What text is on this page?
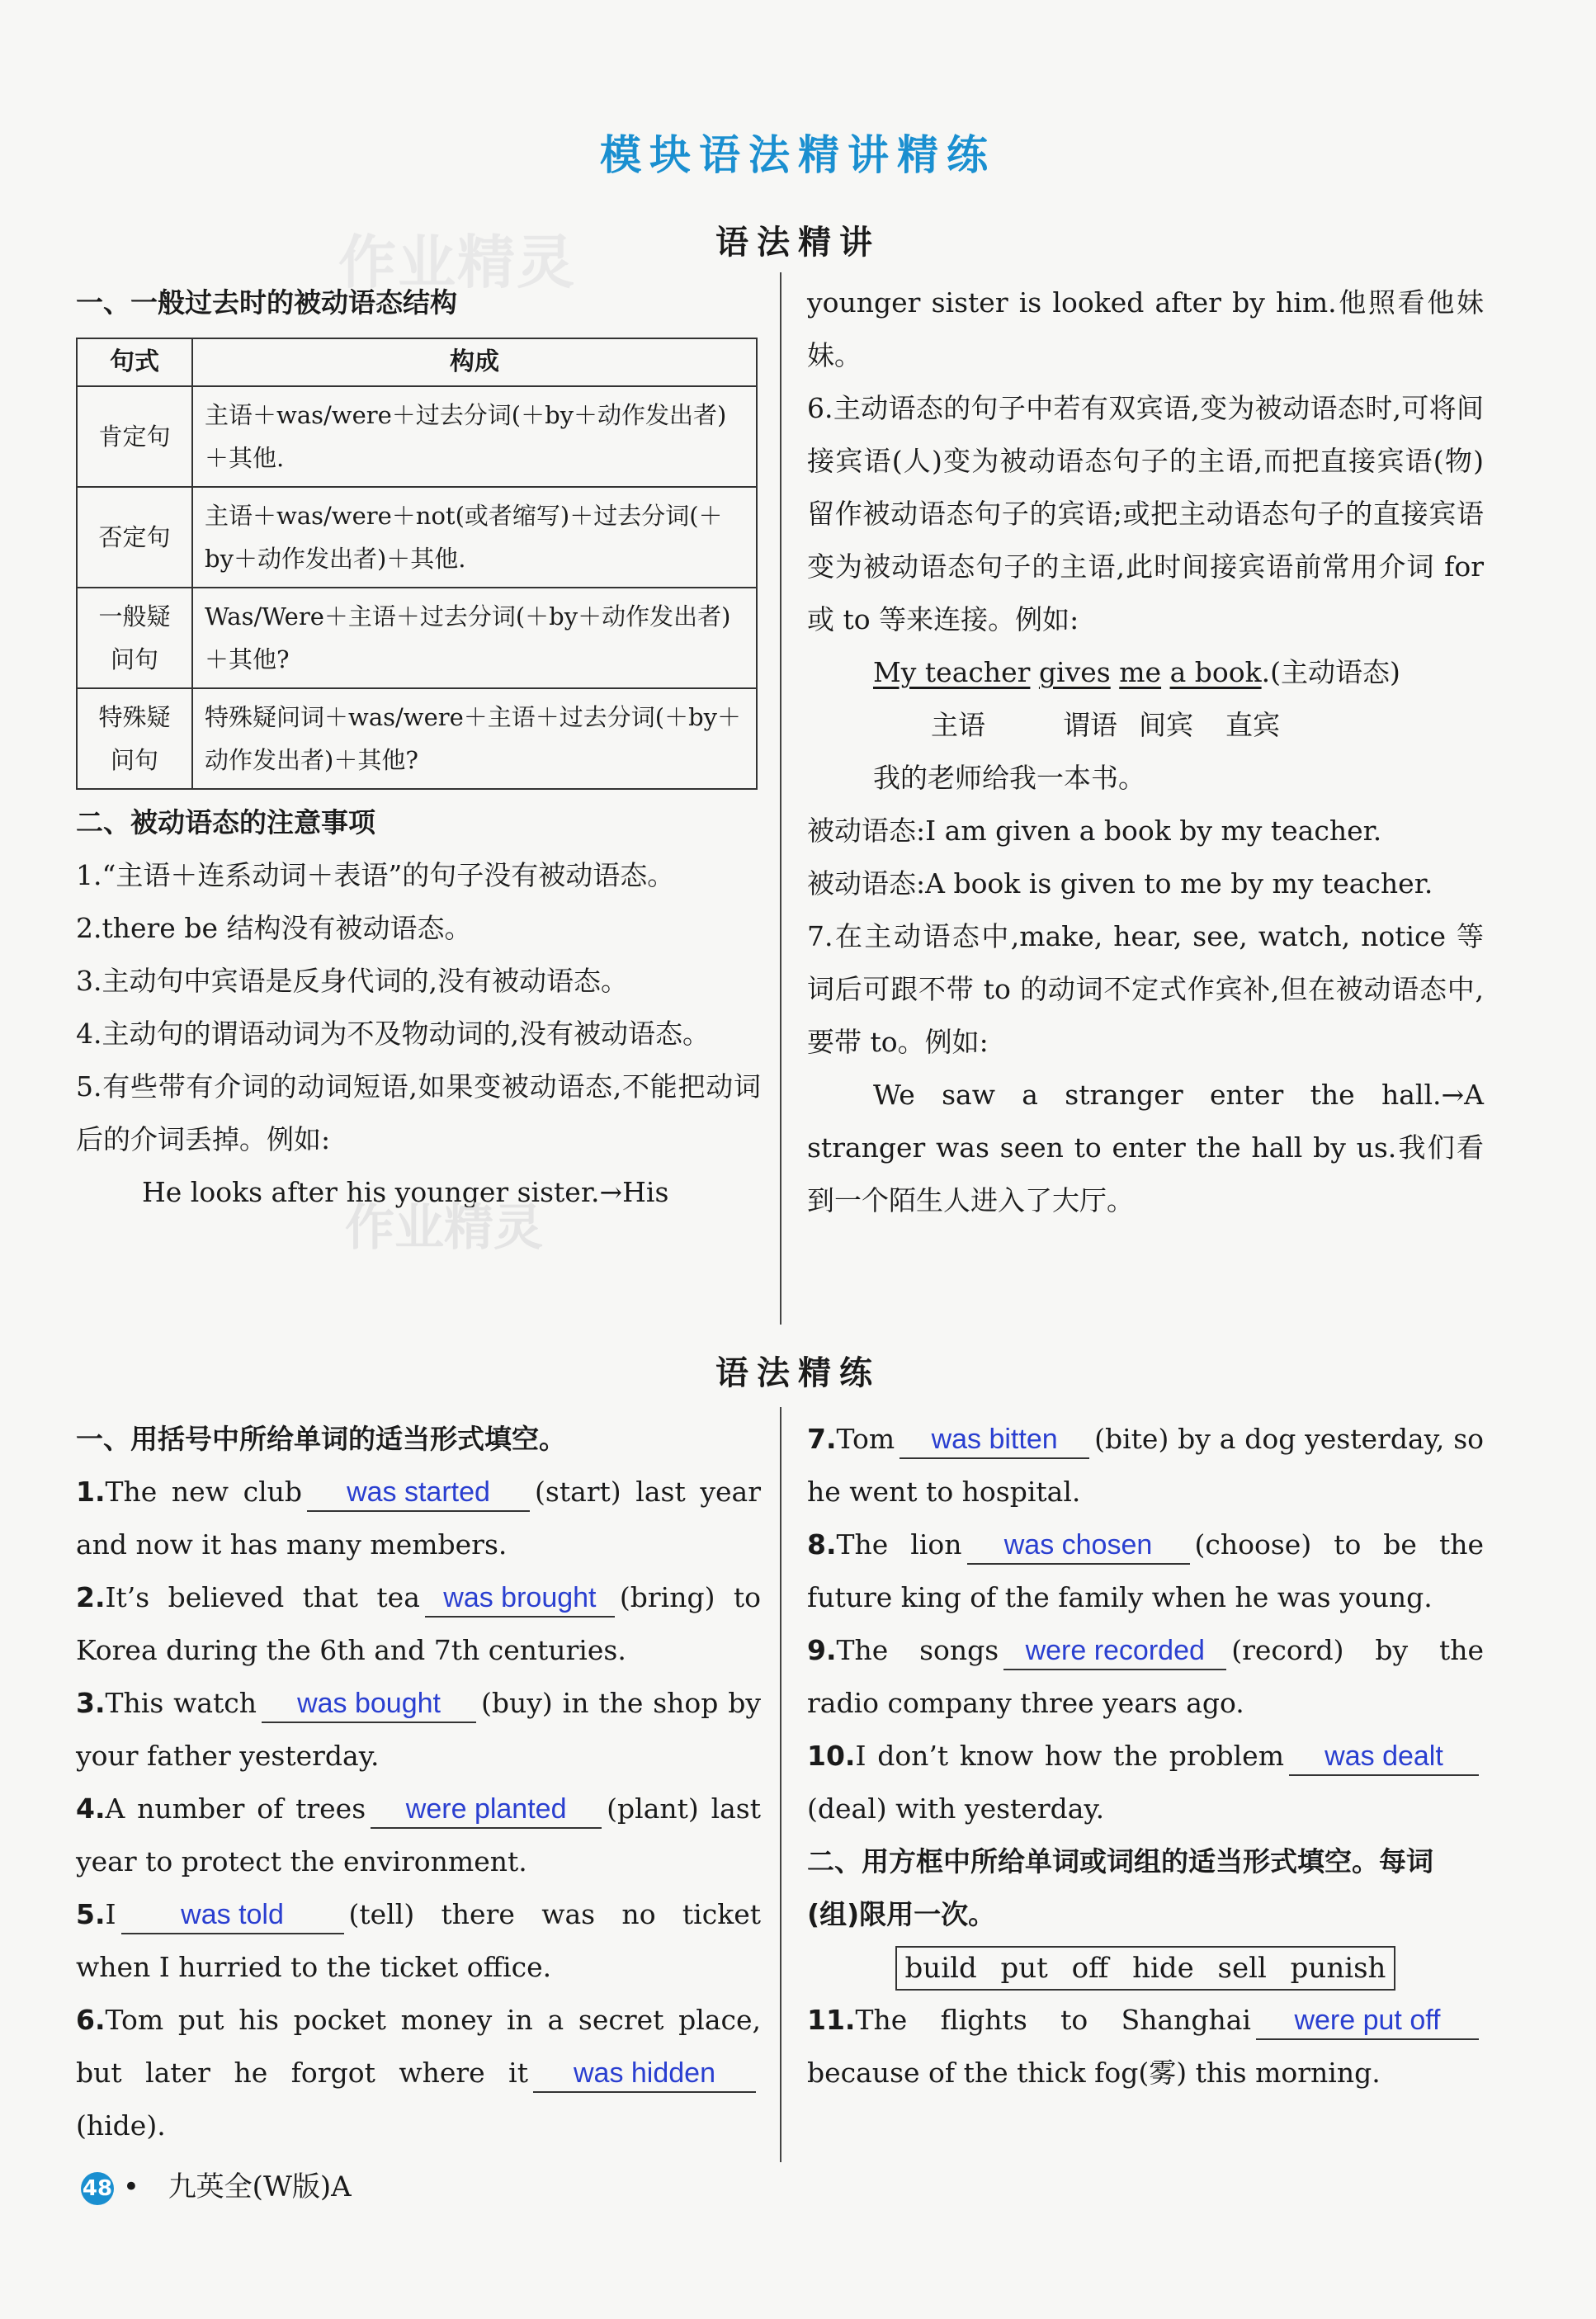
作业精灵
模块语法精讲精练
语法精讲

一、一般过去时的被动语态结构

句式	构成
肯定句	主语＋was/were＋过去分词(＋by＋动作发出者)＋其他.
否定句	主语＋was/were＋not(或者缩写)＋过去分词(＋by＋动作发出者)＋其他.
一般疑问句	Was/Were＋主语＋过去分词(＋by＋动作发出者)＋其他?
特殊疑问句	特殊疑问词＋was/were＋主语＋过去分词(＋by＋动作发出者)＋其他?

二、被动语态的注意事项

1.“主语＋连系动词＋表语”的句子没有被动语态。

2.there be 结构没有被动语态。

3.主动句中宾语是反身代词的,没有被动语态。

4.主动句的谓语动词为不及物动词的,没有被动语态。

5.有些带有介词的动词短语,如果变被动语态,不能把动词后的介词丢掉。例如:

He looks after his younger sister.→His

作业精灵

younger sister is looked after by him.他照看他妹妹。

6.主动语态的句子中若有双宾语,变为被动语态时,可将间接宾语(人)变为被动语态句子的主语,而把直接宾语(物)留作被动语态句子的宾语;或把主动语态句子的直接宾语变为被动语态句子的主语,此时间接宾语前常用介词 for 或 to 等来连接。例如:

My teacher gives me a book.(主动语态)
主语	谓语 间宾 直宾

我的老师给我一本书。

被动语态:I am given a book by my teacher.

被动语态:A book is given to me by my teacher.

7.在主动语态中,make, hear, see, watch, notice 等词后可跟不带 to 的动词不定式作宾补,但在被动语态中,要带 to。例如:

We saw a stranger enter the hall.→A stranger was seen to enter the hall by us.我们看到一个陌生人进入了大厅。

语法精练

一、用括号中所给单词的适当形式填空。

1.The new club was started (start) last year and now it has many members.

2.It’s believed that tea was brought (bring) to Korea during the 6th and 7th centuries.

3.This watch was bought (buy) in the shop by your father yesterday.

4.A number of trees were planted (plant) last year to protect the environment.

5.I was told (tell) there was no ticket when I hurried to the ticket office.

6.Tom put his pocket money in a secret place, but later he forgot where it was hidden(hide).

7.Tom was bitten (bite) by a dog yesterday, so he went to hospital.

8.The lion was chosen (choose) to be the future king of the family when he was young.

9.The songs were recorded (record) by the radio company three years ago.

10.I don’t know how the problem was dealt(deal) with yesterday.

二、用方框中所给单词或词组的适当形式填空。每词(组)限用一次。

build put off hide sell punish

11.The flights to Shanghai were put offbecause of the thick fog(雾) this morning.

48 • 九英全(W版)A
